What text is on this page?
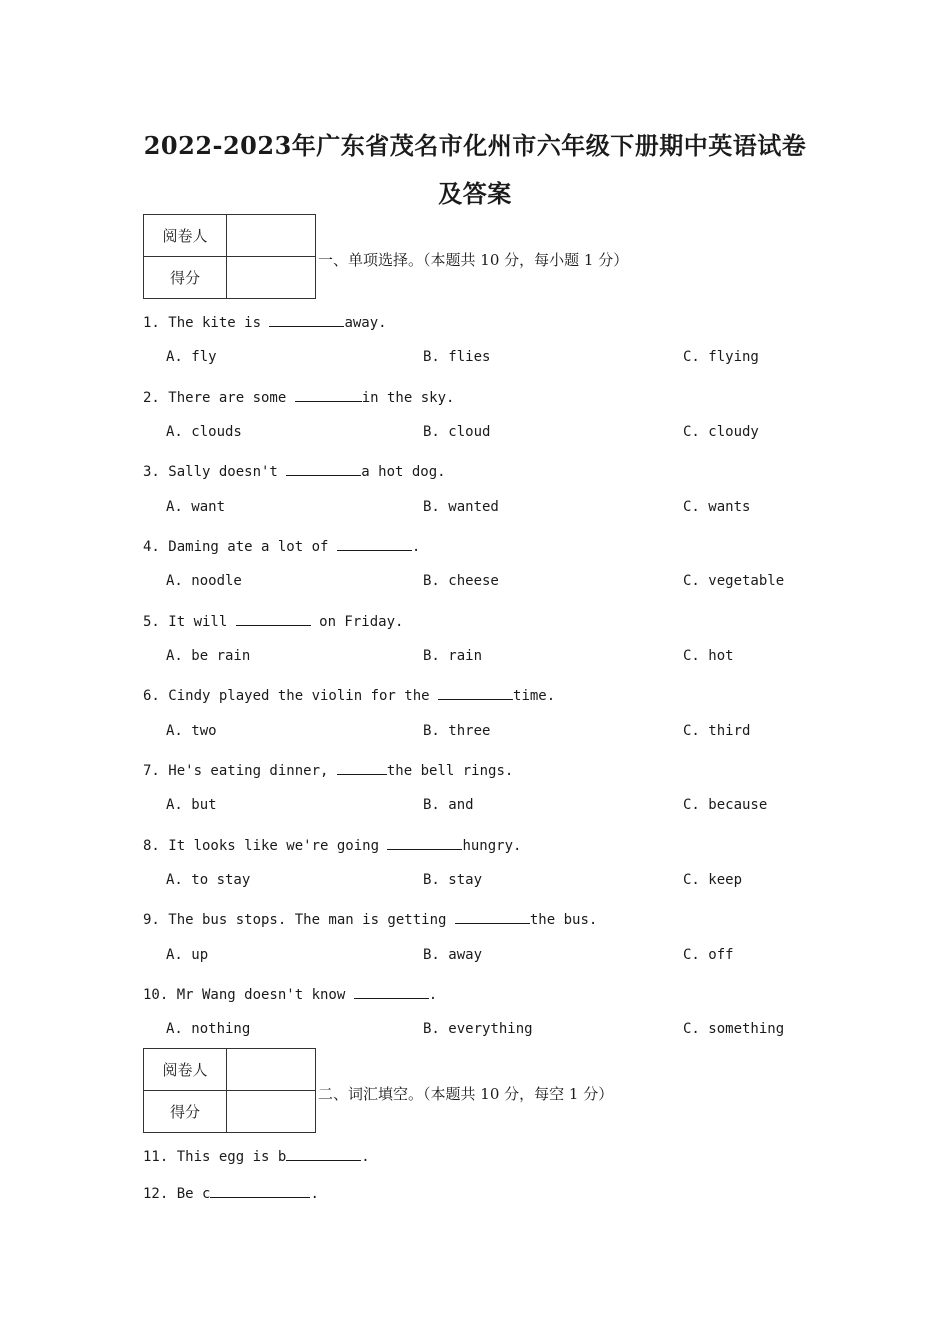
2022-2023年广东省茂名市化州市六年级下册期中英语试卷
及答案
阅卷人	
得分	
一、单项选择。（本题共 10 分，每小题 1 分）
1. The kite is	away.
A. fly	B. flies	C. flying
2. There are some	in the sky.
A. clouds	B. cloud	C. cloudy
3. Sally doesn't	a hot dog.
A. want	B. wanted	C. wants
4. Daming ate a lot of	.
A. noodle	B. cheese	C. vegetable
5. It will	on Friday.
A. be rain	B. rain	C. hot
6. Cindy played the violin for the	time.
A. two	B. three	C. third
7. He's eating dinner,	the bell rings.
A. but	B. and	C. because
8. It looks like we're going	hungry.
A. to stay	B. stay	C. keep
9. The bus stops. The man is getting	the bus.
A. up	B. away	C. off
10. Mr Wang doesn't know	.
A. nothing	B. everything	C. something
阅卷人	
得分	
二、词汇填空。（本题共 10 分，每空 1 分）
11. This egg is b	.
12. Be c	.
